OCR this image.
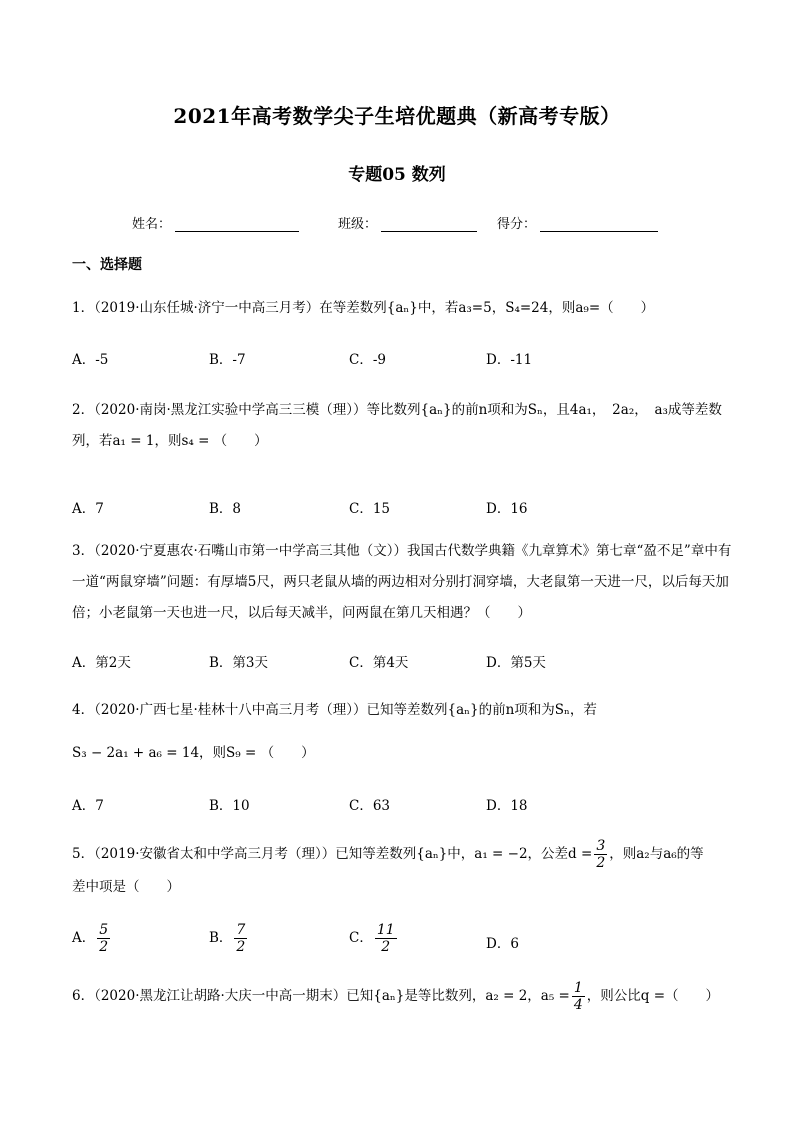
2021年高考数学尖子生培优题典（新高考专版）
专题05 数列
姓名：	班级：	得分：
一、选择题
1．（2019·山东任城·济宁一中高三月考）在等差数列{aₙ}中，若a₃=5，S₄=24，则a₉=（　　）
A．-5	B．-7	C．-9	D．-11
2．（2020·南岗·黑龙江实验中学高三三模（理））等比数列{aₙ}的前n项和为Sₙ，且4a₁，　2a₂，　a₃成等差数列，若a₁ = 1，则s₄ = （　　）
A．7	B．8	C．15	D．16
3．（2020·宁夏惠农·石嘴山市第一中学高三其他（文））我国古代数学典籍《九章算术》第七章“盈不足”章中有一道“两鼠穿墙”问题：有厚墙5尺，两只老鼠从墙的两边相对分别打洞穿墙，大老鼠第一天进一尺，以后每天加倍；小老鼠第一天也进一尺，以后每天减半，问两鼠在第几天相遇？（　　）
A．第2天	B．第3天	C．第4天	D．第5天
4．（2020·广西七星·桂林十八中高三月考（理））已知等差数列{aₙ}的前n项和为Sₙ，若
S₃ − 2a₁ + a₆ = 14，则S₉ = （　　）
A．7	B．10	C．63	D．18
5．（2019·安徽省太和中学高三月考（理））已知等差数列{aₙ}中，a₁ = −2，公差$d = \frac{3}{2}$ ，则a₂与a₆的等
差中项是（　　）
A． $\frac{5}{2}$	B． $\frac{7}{2}$	C． $\frac{11}{2}$	D．6
6．（2020·黑龙江让胡路·大庆一中高一期末）已知{aₙ}是等比数列，a₂ = 2，$a_5 = \frac{1}{4}$ ，则公比q =（　　）
